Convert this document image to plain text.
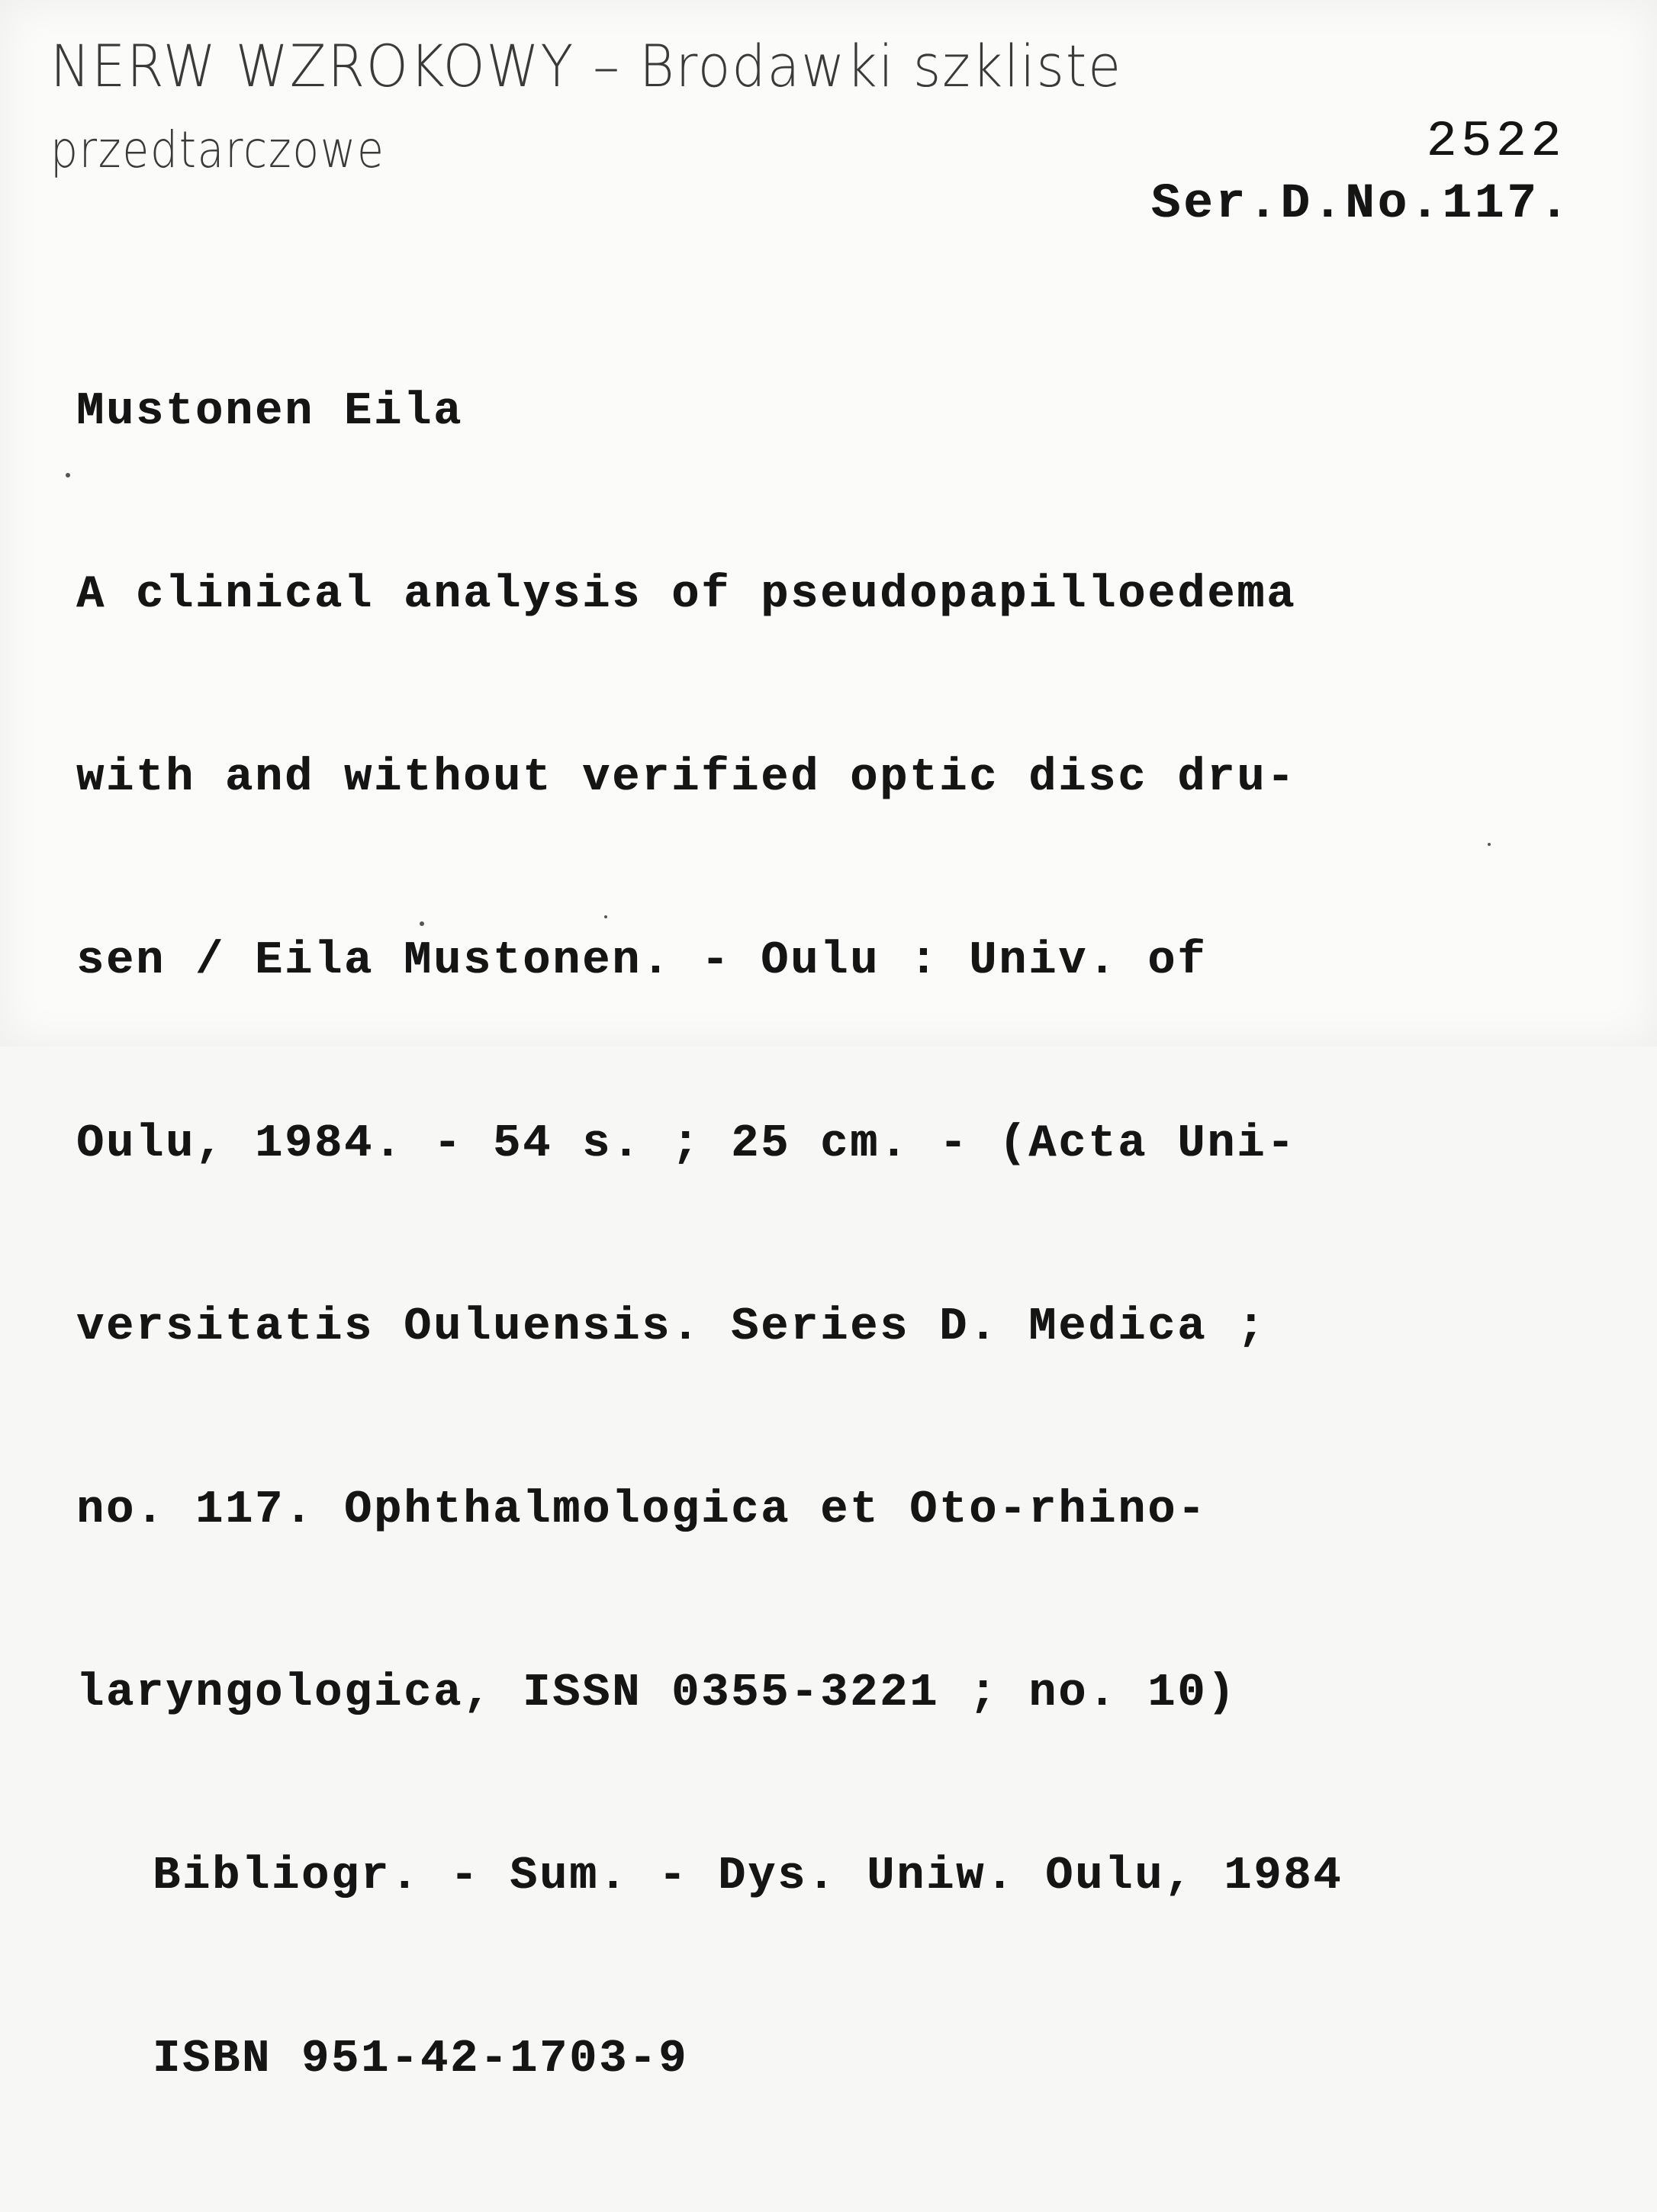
NERW WZROKOWY – Brodawki szkliste
przedtarczowe	2522
Ser.D.No.117.

Mustonen Eila

A clinical analysis of pseudopapilloedema

with and without verified optic disc dru-

sen / Eila Mustonen. - Oulu : Univ. of

Oulu, 1984. - 54 s. ; 25 cm. - (Acta Uni-

versitatis Ouluensis. Series D. Medica ;

no. 117. Ophthalmologica et Oto-rhino-

laryngologica, ISSN 0355-3221 ; no. 10)

Bibliogr. - Sum. - Dys. Uniw. Oulu, 1984

ISBN 951-42-1703-9
